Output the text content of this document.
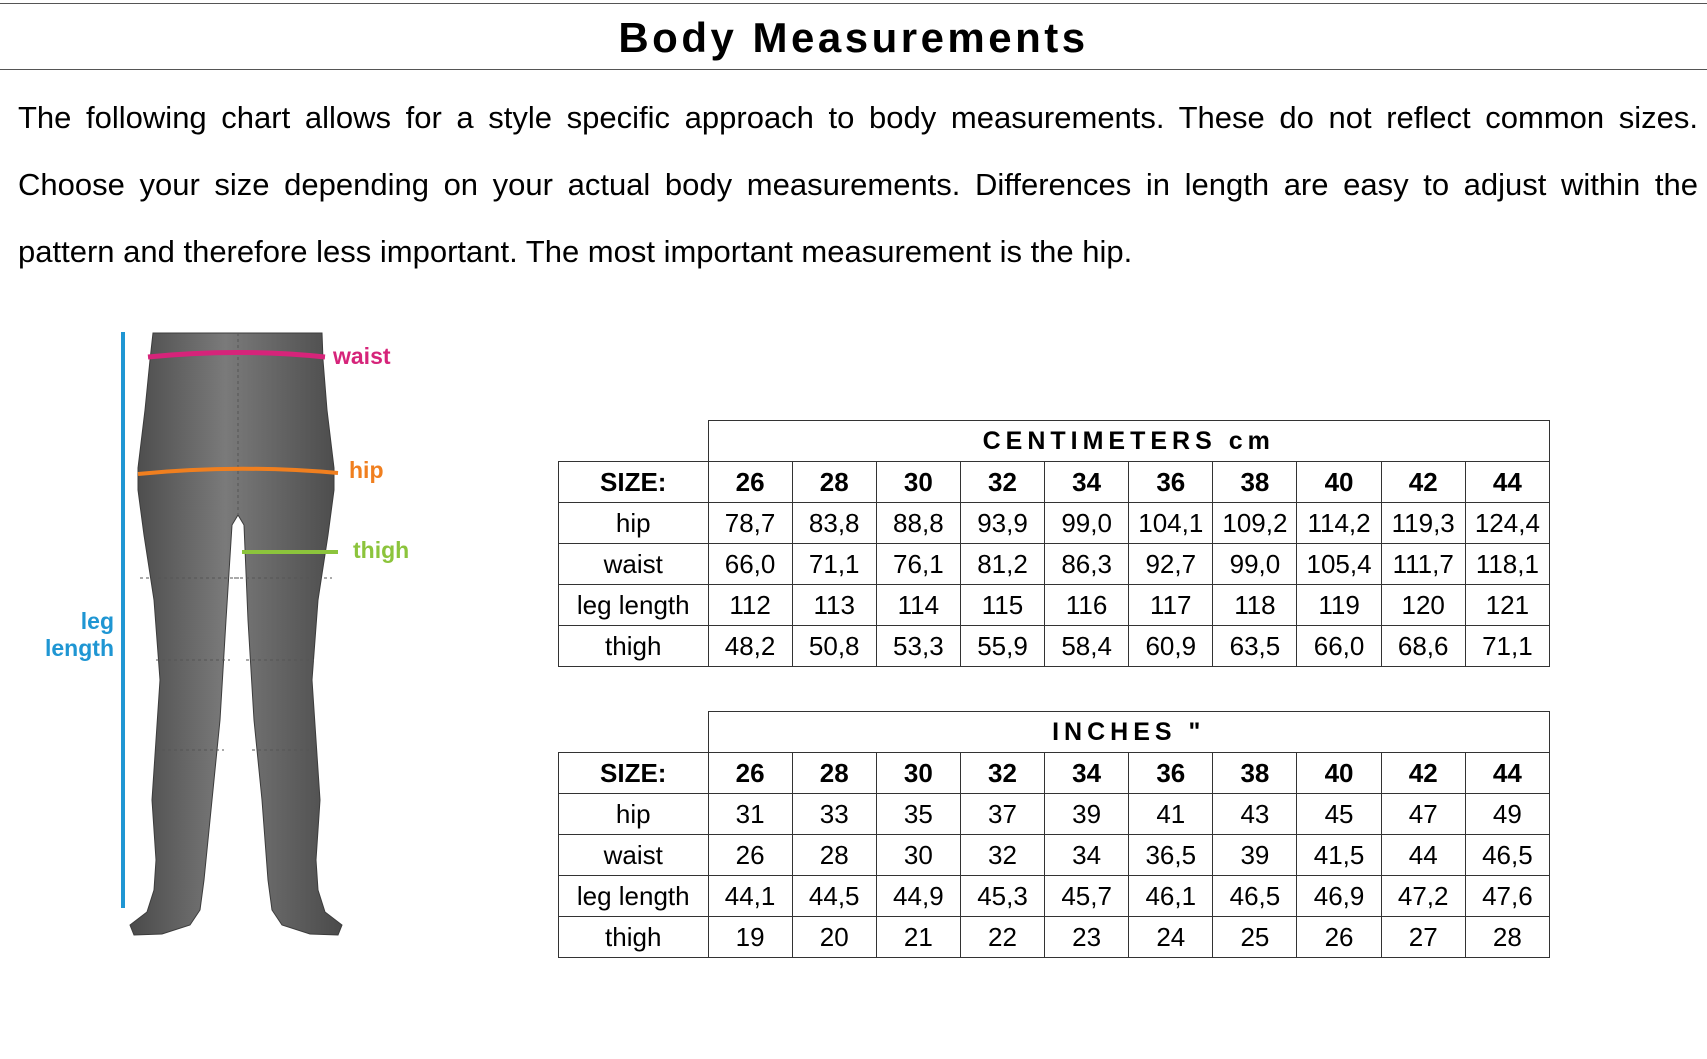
Body Measurements
The following chart allows for a style specific approach to body measurements. These do not reflect common sizes. Choose your size depending on your actual body measurements. Differences in length are easy to adjust within the pattern and therefore less important. The most important measurement is the hip.
waist
hip
thigh
leg
length
	CENTIMETERS cm									
SIZE:	26	28	30	32	34	36	38	40	42	44
hip	78,7	83,8	88,8	93,9	99,0	104,1	109,2	114,2	119,3	124,4
waist	66,0	71,1	76,1	81,2	86,3	92,7	99,0	105,4	111,7	118,1
leg length	112	113	114	115	116	117	118	119	120	121
thigh	48,2	50,8	53,3	55,9	58,4	60,9	63,5	66,0	68,6	71,1
	INCHES "									
SIZE:	26	28	30	32	34	36	38	40	42	44
hip	31	33	35	37	39	41	43	45	47	49
waist	26	28	30	32	34	36,5	39	41,5	44	46,5
leg length	44,1	44,5	44,9	45,3	45,7	46,1	46,5	46,9	47,2	47,6
thigh	19	20	21	22	23	24	25	26	27	28
